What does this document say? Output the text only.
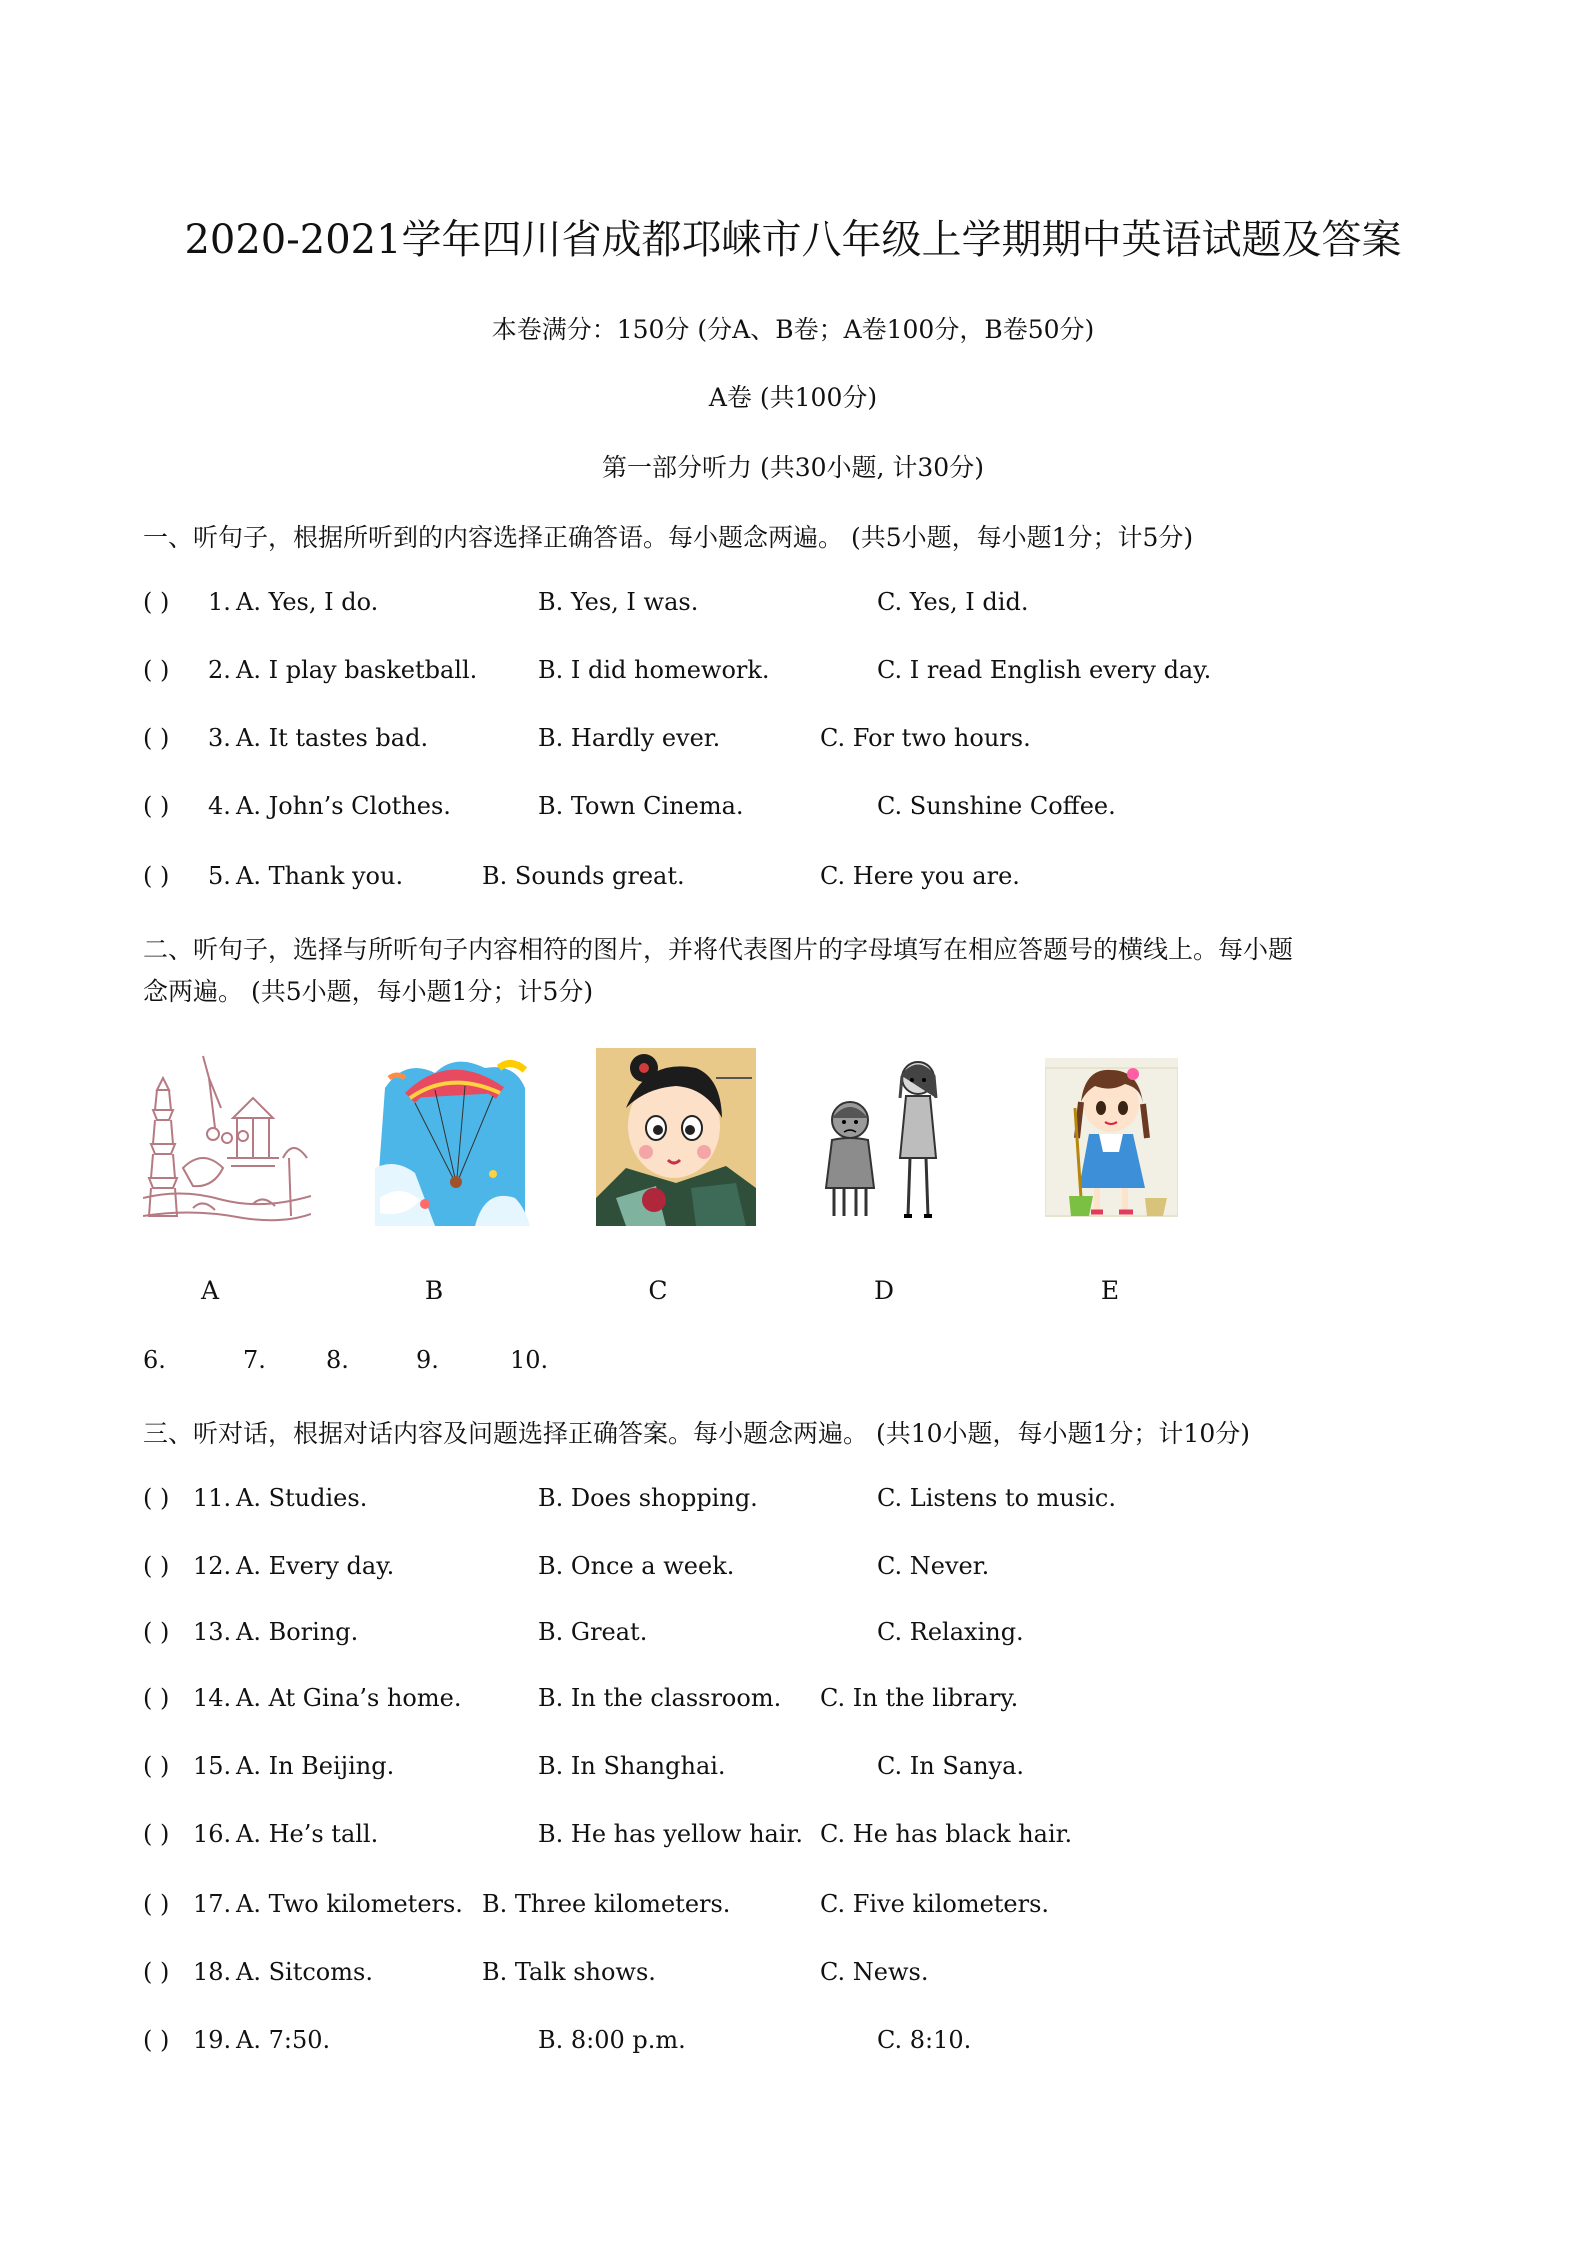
2020-2021学年四川省成都邛崃市八年级上学期期中英语试题及答案
本卷满分：150分 (分A、B卷；A卷100分，B卷50分)
A卷 (共100分)
第一部分听力 (共30小题, 计30分)
一、听句子，根据所听到的内容选择正确答语。每小题念两遍。 (共5小题，每小题1分；计5分)
( ) 1. A. Yes, I do.	B. Yes, I was.	C. Yes, I did.
( ) 2. A. I play basketball.	B. I did homework.	C. I read English every day.
( ) 3. A. It tastes bad.	B. Hardly ever.	C. For two hours.
( ) 4. A. John’s Clothes.	B. Town Cinema.	C. Sunshine Coffee.
( ) 5. A. Thank you.	B. Sounds great.	C. Here you are.
二、听句子，选择与所听句子内容相符的图片，并将代表图片的字母填写在相应答题号的横线上。每小题
念两遍。 (共5小题，每小题1分；计5分)
A	B	C	D	E
6.	7.	8.	9.	10.
三、听对话，根据对话内容及问题选择正确答案。每小题念两遍。 (共10小题，每小题1分；计10分)
( ) 11. A. Studies.	B. Does shopping.	C. Listens to music.
( ) 12. A. Every day.	B. Once a week.	C. Never.
( ) 13. A. Boring.	B. Great.	C. Relaxing.
( ) 14. A. At Gina’s home.	B. In the classroom. C. In the library.
( ) 15. A. In Beijing.	B. In Shanghai.	C. In Sanya.
( ) 16. A. He’s tall.	B. He has yellow hair. C. He has black hair.
( ) 17. A. Two kilometers. B. Three kilometers.	C. Five kilometers.
( ) 18. A. Sitcoms.	B. Talk shows.	C. News.
( ) 19. A. 7:50.	B. 8:00 p.m.	C. 8:10.
